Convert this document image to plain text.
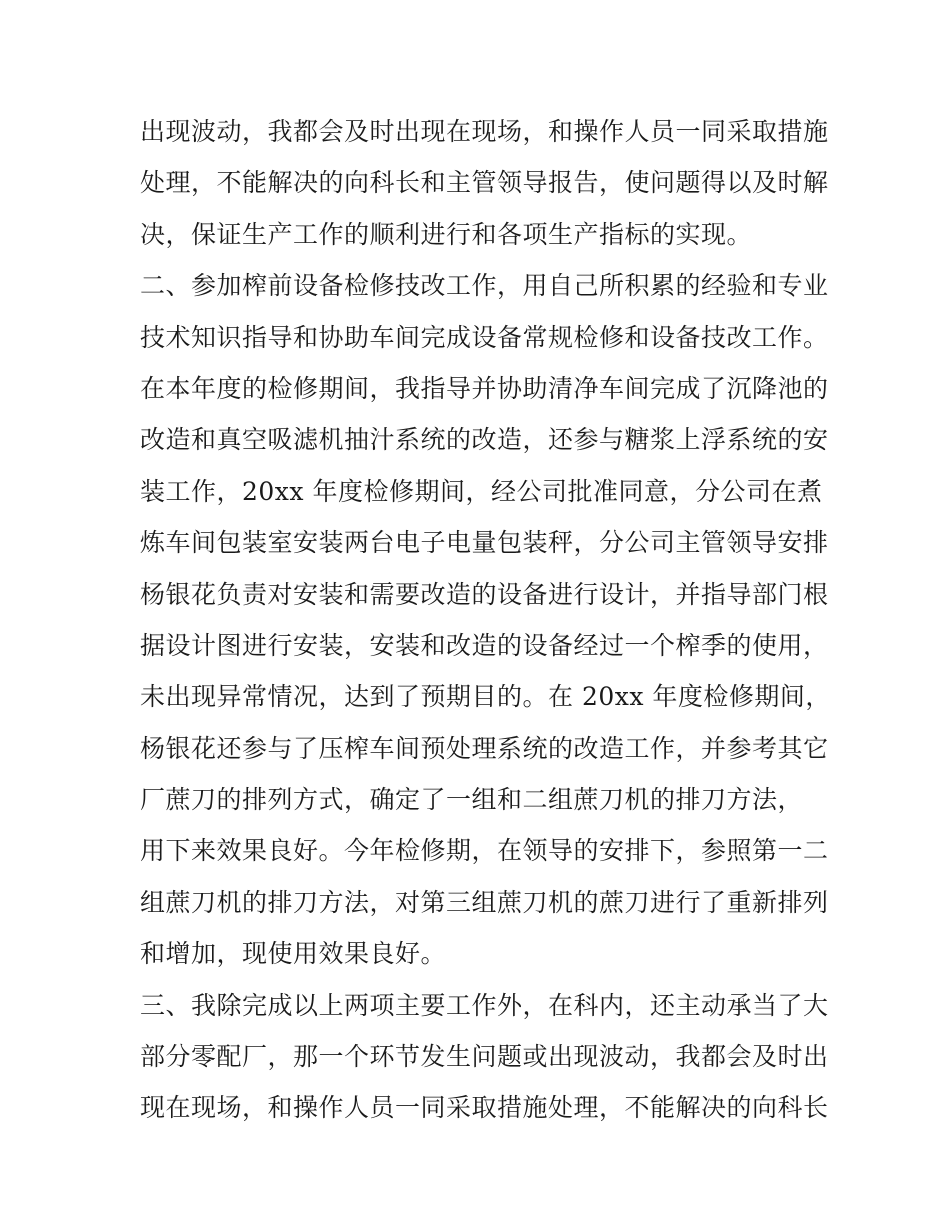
出现波动，我都会及时出现在现场，和操作人员一同采取措施
处理，不能解决的向科长和主管领导报告，使问题得以及时解
决，保证生产工作的顺利进行和各项生产指标的实现。
二、参加榨前设备检修技改工作，用自己所积累的经验和专业
技术知识指导和协助车间完成设备常规检修和设备技改工作。
在本年度的检修期间，我指导并协助清净车间完成了沉降池的
改造和真空吸滤机抽汁系统的改造，还参与糖浆上浮系统的安
装工作，20xx 年度检修期间，经公司批准同意，分公司在煮
炼车间包装室安装两台电子电量包装秤，分公司主管领导安排
杨银花负责对安装和需要改造的设备进行设计，并指导部门根
据设计图进行安装，安装和改造的设备经过一个榨季的使用，
未出现异常情况，达到了预期目的。在 20xx 年度检修期间，
杨银花还参与了压榨车间预处理系统的改造工作，并参考其它
厂蔗刀的排列方式，确定了一组和二组蔗刀机的排刀方法，
用下来效果良好。今年检修期，在领导的安排下，参照第一二
组蔗刀机的排刀方法，对第三组蔗刀机的蔗刀进行了重新排列
和增加，现使用效果良好。
三、我除完成以上两项主要工作外，在科内，还主动承当了大
部分零配厂，那一个环节发生问题或出现波动，我都会及时出
现在现场，和操作人员一同采取措施处理，不能解决的向科长
